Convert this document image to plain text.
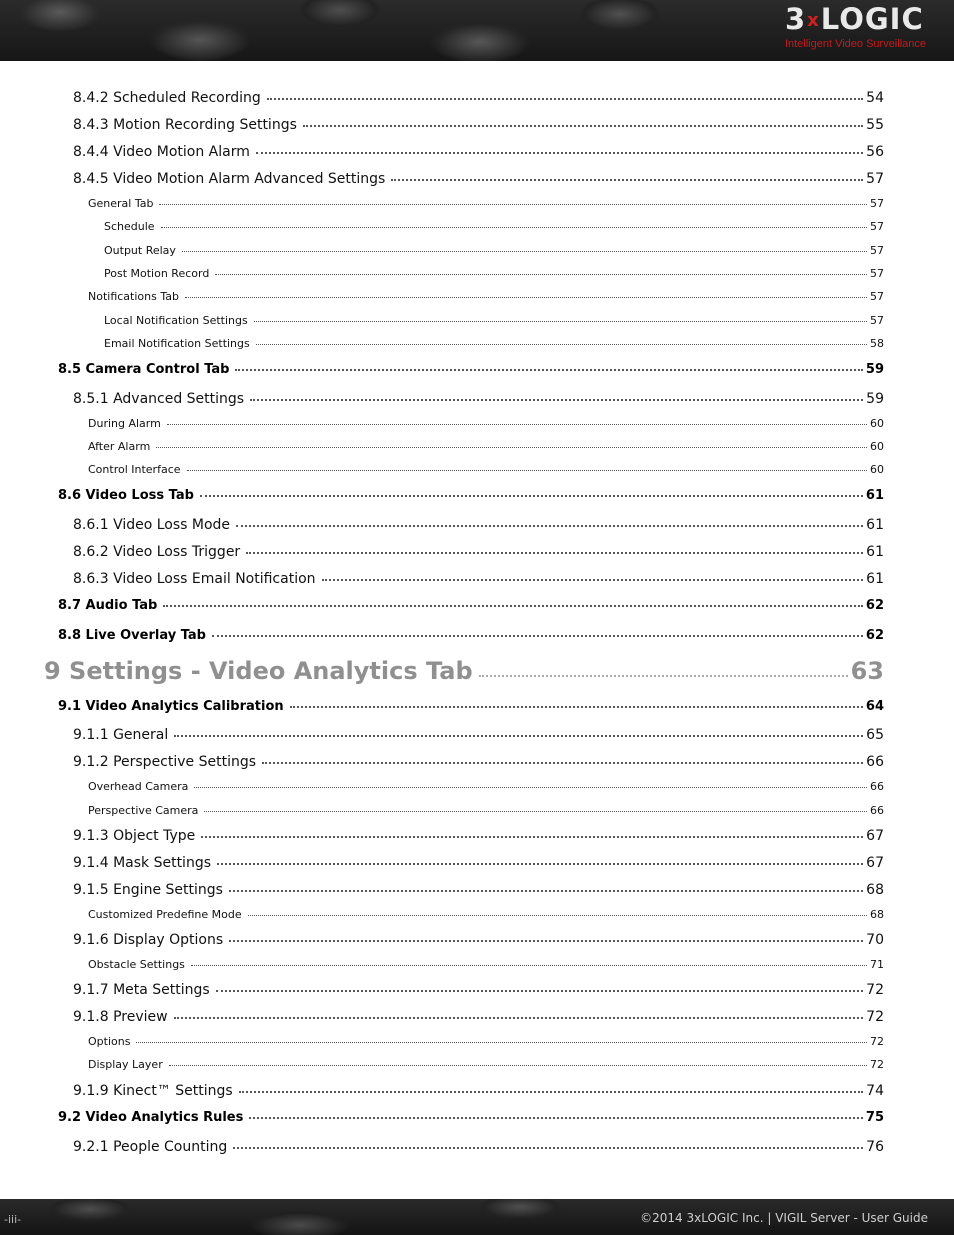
3xLOGIC
Intelligent Video Surveillance
8.4.2 Scheduled Recording	54
8.4.3 Motion Recording Settings	55
8.4.4 Video Motion Alarm	56
8.4.5 Video Motion Alarm Advanced Settings	57
General Tab	57
Schedule	57
Output Relay	57
Post Motion Record	57
Notifications Tab	57
Local Notification Settings	57
Email Notification Settings	58
8.5 Camera Control Tab	59
8.5.1 Advanced Settings	59
During Alarm	60
After Alarm	60
Control Interface	60
8.6 Video Loss Tab	61
8.6.1 Video Loss Mode	61
8.6.2 Video Loss Trigger	61
8.6.3 Video Loss Email Notification	61
8.7 Audio Tab	62
8.8 Live Overlay Tab	62
9 Settings - Video Analytics Tab	63
9.1 Video Analytics Calibration	64
9.1.1 General	65
9.1.2 Perspective Settings	66
Overhead Camera	66
Perspective Camera	66
9.1.3 Object Type	67
9.1.4 Mask Settings	67
9.1.5 Engine Settings	68
Customized Predefine Mode	68
9.1.6 Display Options	70
Obstacle Settings	71
9.1.7 Meta Settings	72
9.1.8 Preview	72
Options	72
Display Layer	72
9.1.9 Kinect™ Settings	74
9.2 Video Analytics Rules	75
9.2.1 People Counting	76
-iii-	©2014 3xLOGIC Inc. | VIGIL Server - User Guide
